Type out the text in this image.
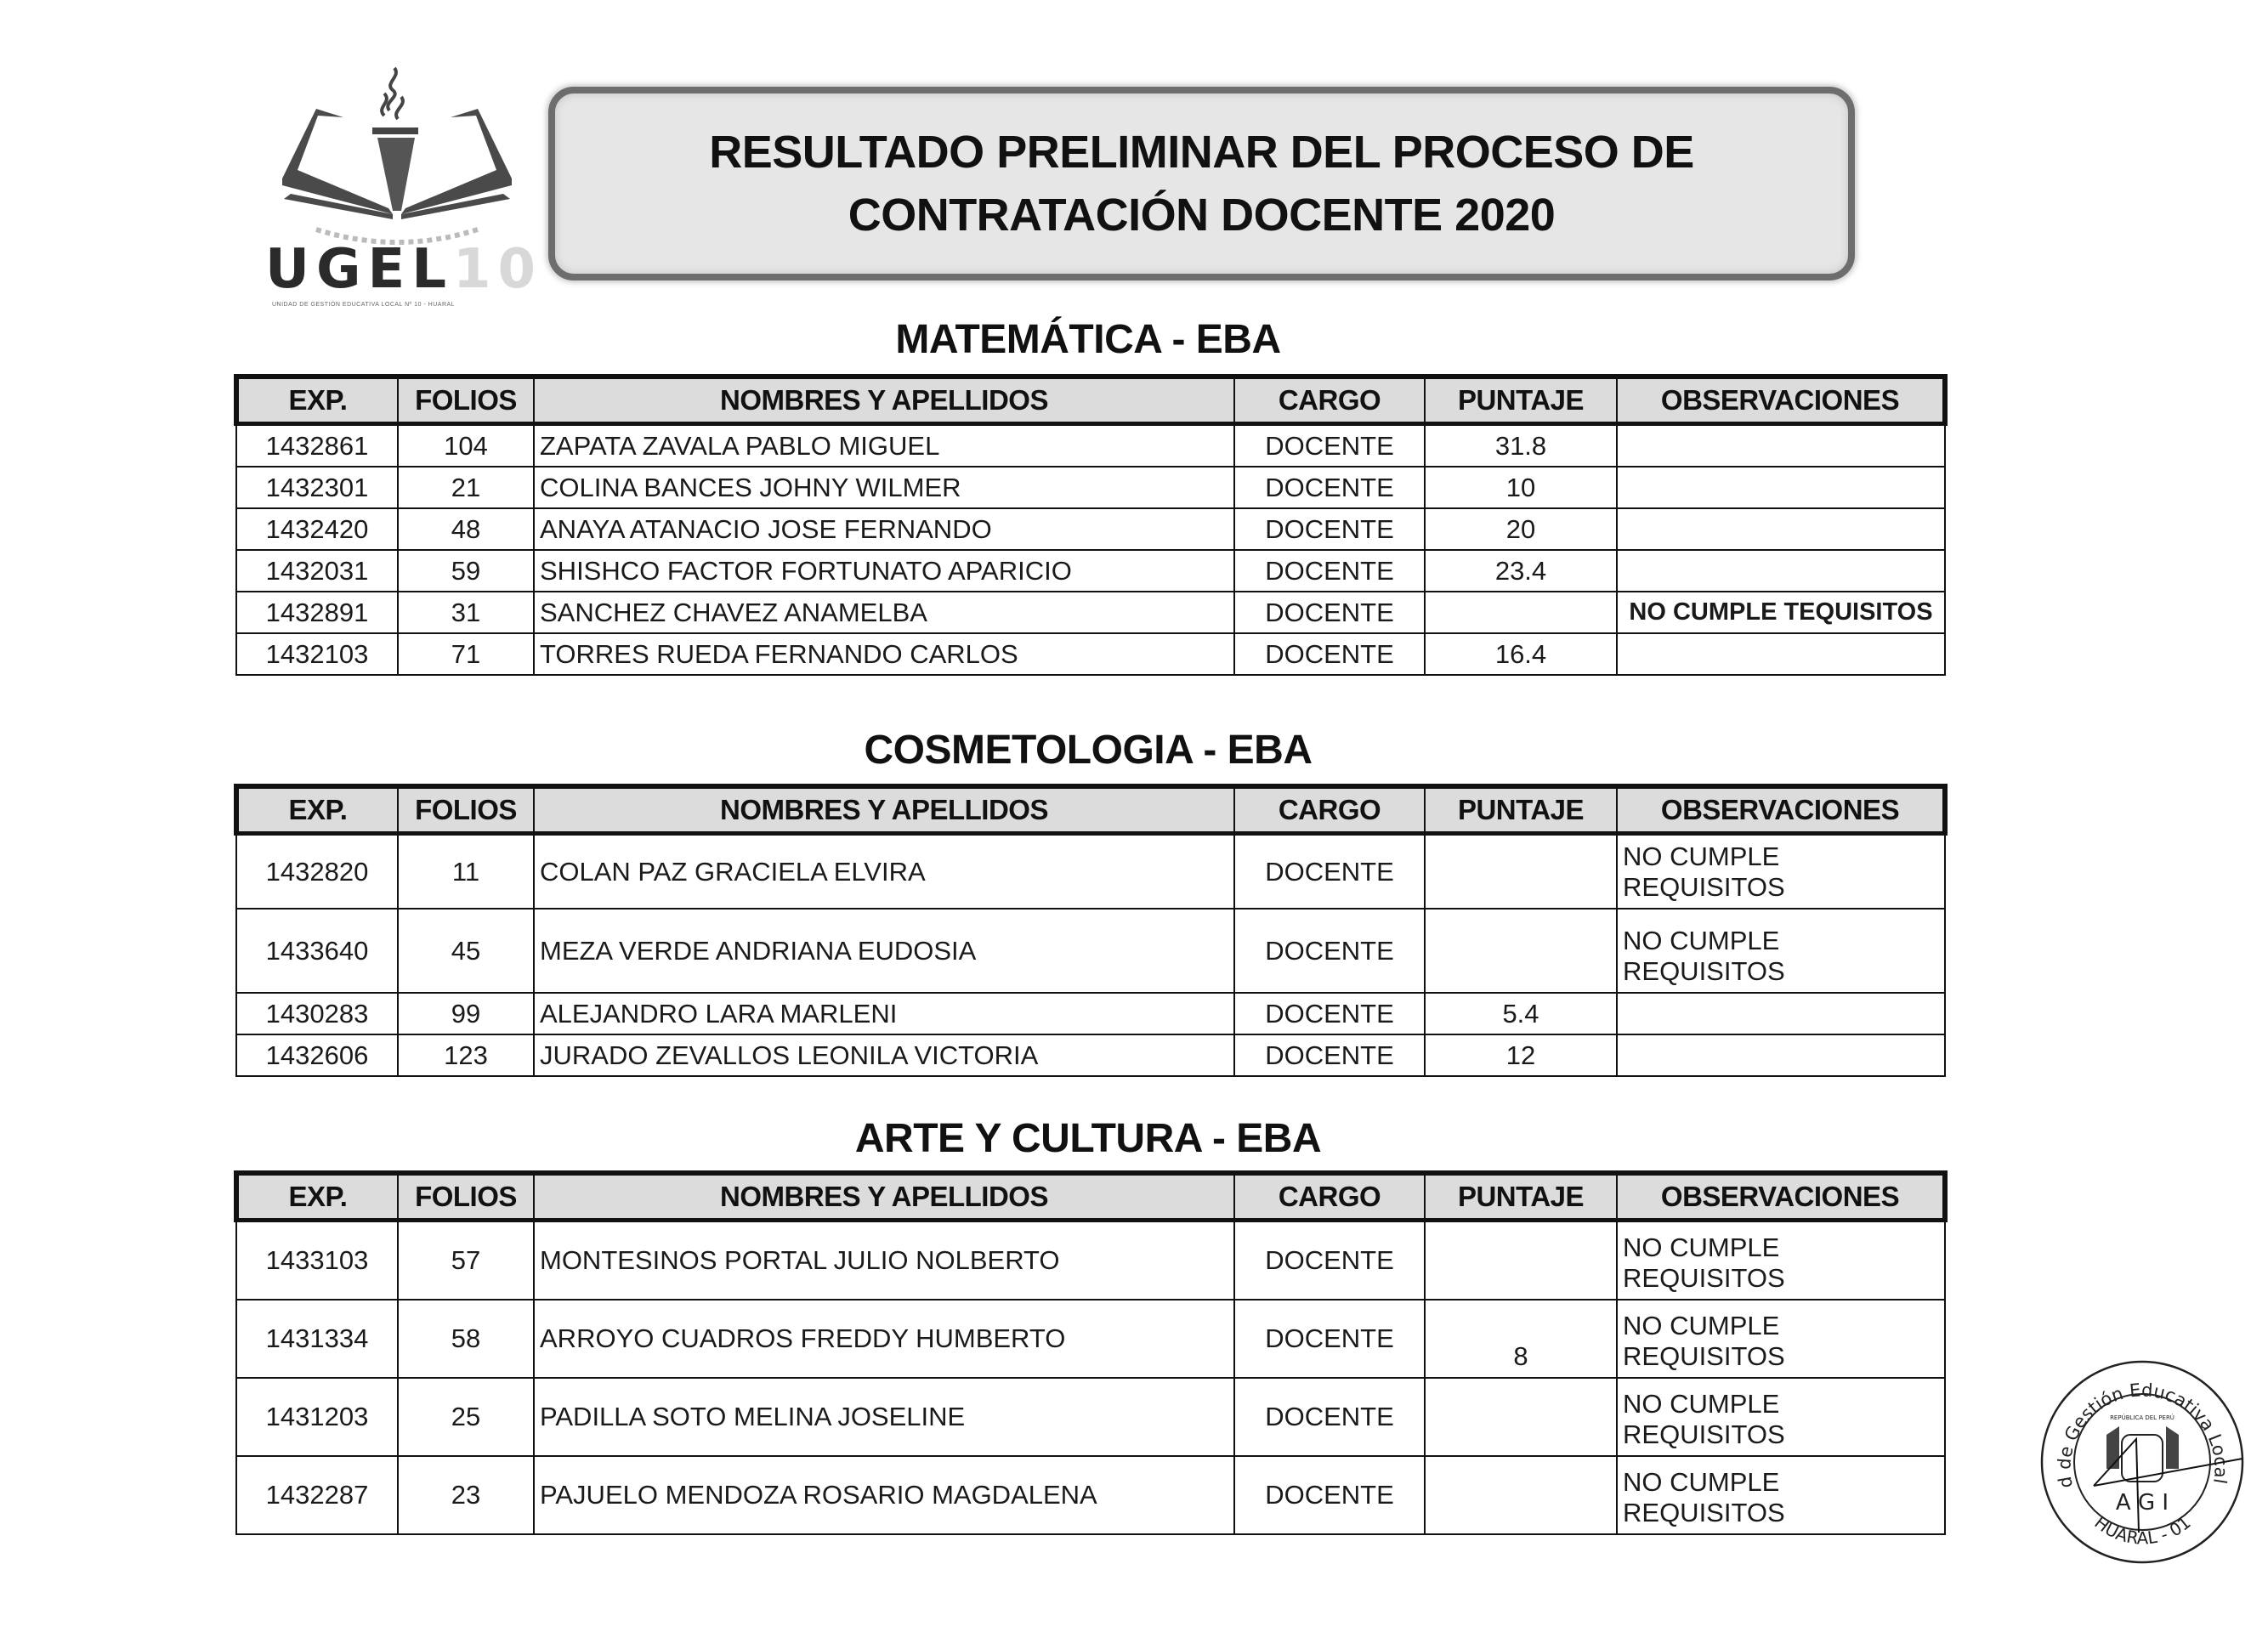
UGEL10
UNIDAD DE GESTIÓN EDUCATIVA LOCAL Nº 10 - HUARAL
RESULTADO PRELIMINAR DEL PROCESO DE
CONTRATACIÓN DOCENTE 2020
MATEMÁTICA - EBA
EXP.	FOLIOS	NOMBRES Y APELLIDOS	CARGO	PUNTAJE	OBSERVACIONES
1432861	104	ZAPATA ZAVALA PABLO MIGUEL	DOCENTE	31.8	
1432301	21	COLINA BANCES JOHNY WILMER	DOCENTE	10	
1432420	48	ANAYA ATANACIO JOSE FERNANDO	DOCENTE	20	
1432031	59	SHISHCO FACTOR FORTUNATO APARICIO	DOCENTE	23.4	
1432891	31	SANCHEZ CHAVEZ ANAMELBA	DOCENTE		NO CUMPLE TEQUISITOS
1432103	71	TORRES RUEDA FERNANDO CARLOS	DOCENTE	16.4	
COSMETOLOGIA - EBA
EXP.	FOLIOS	NOMBRES Y APELLIDOS	CARGO	PUNTAJE	OBSERVACIONES
1432820	11	COLAN PAZ GRACIELA ELVIRA	DOCENTE		NO CUMPLE REQUISITOS
1433640	45	MEZA VERDE ANDRIANA EUDOSIA	DOCENTE		NO CUMPLE REQUISITOS
1430283	99	ALEJANDRO LARA MARLENI	DOCENTE	5.4	
1432606	123	JURADO ZEVALLOS LEONILA VICTORIA	DOCENTE	12	
ARTE Y CULTURA - EBA
EXP.	FOLIOS	NOMBRES Y APELLIDOS	CARGO	PUNTAJE	OBSERVACIONES
1433103	57	MONTESINOS PORTAL JULIO NOLBERTO	DOCENTE		NO CUMPLE REQUISITOS
1431334	58	ARROYO CUADROS FREDDY HUMBERTO	DOCENTE	8	NO CUMPLE REQUISITOS
1431203	25	PADILLA SOTO MELINA JOSELINE	DOCENTE		NO CUMPLE REQUISITOS
1432287	23	PAJUELO MENDOZA ROSARIO MAGDALENA	DOCENTE		NO CUMPLE REQUISITOS
d de Gestión Educativa Local
HUARAL - 01
REPÚBLICA DEL PERÚ
A G I
